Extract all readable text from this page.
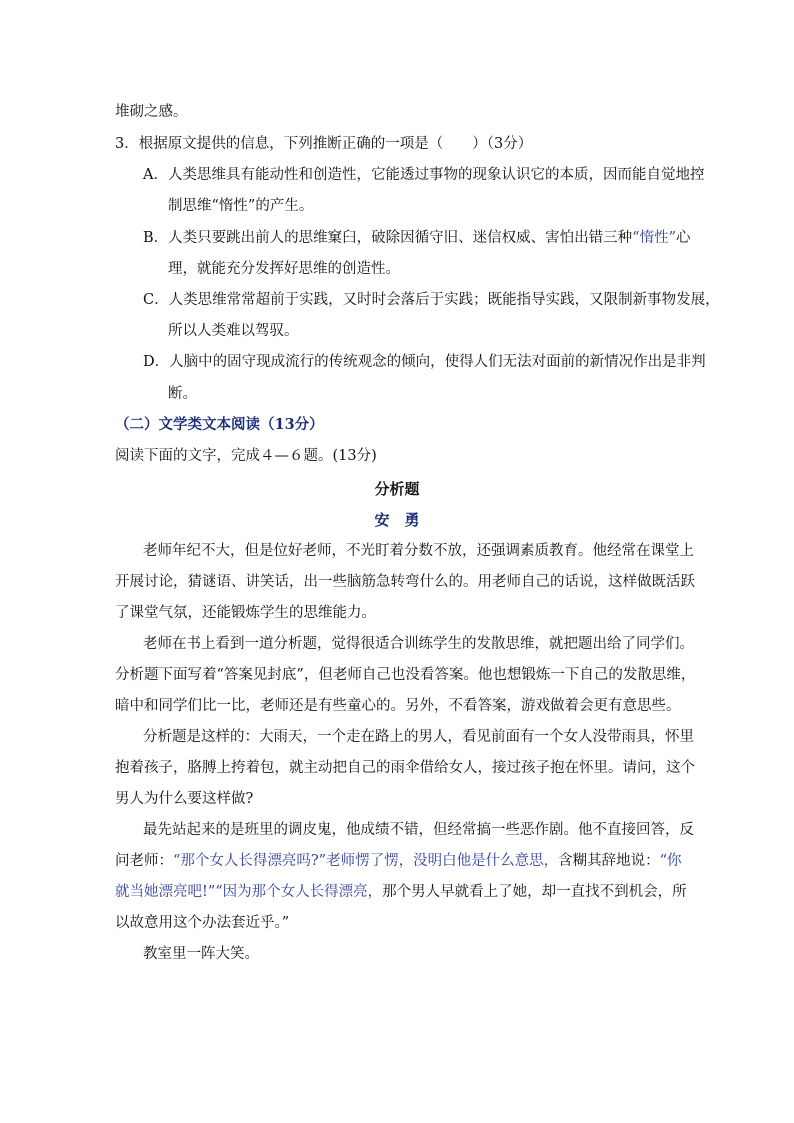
堆砌之感。
3．根据原文提供的信息，下列推断正确的一项是（　　）（3分）
A．人类思维具有能动性和创造性，它能透过事物的现象认识它的本质，因而能自觉地控
制思维“惰性”的产生。
B．人类只要跳出前人的思维窠臼，破除因循守旧、迷信权威、害怕出错三种“惰性”心
理，就能充分发挥好思维的创造性。
C．人类思维常常超前于实践，又时时会落后于实践；既能指导实践，又限制新事物发展，
所以人类难以驾驭。
D．人脑中的固守现成流行的传统观念的倾向，使得人们无法对面前的新情况作出是非判
断。
（二）文学类文本阅读（13分）
阅读下面的文字，完成４—６题。(13分)
分析题
安　勇
老师年纪不大，但是位好老师，不光盯着分数不放，还强调素质教育。他经常在课堂上
开展讨论，猜谜语、讲笑话，出一些脑筋急转弯什么的。用老师自己的话说，这样做既活跃
了课堂气氛，还能锻炼学生的思维能力。
老师在书上看到一道分析题，觉得很适合训练学生的发散思维，就把题出给了同学们。
分析题下面写着“答案见封底”，但老师自己也没看答案。他也想锻炼一下自己的发散思维，
暗中和同学们比一比，老师还是有些童心的。另外，不看答案，游戏做着会更有意思些。
分析题是这样的：大雨天，一个走在路上的男人，看见前面有一个女人没带雨具，怀里
抱着孩子，胳膊上挎着包，就主动把自己的雨伞借给女人，接过孩子抱在怀里。请问，这个
男人为什么要这样做?
最先站起来的是班里的调皮鬼，他成绩不错，但经常搞一些恶作剧。他不直接回答，反
问老师：“那个女人长得漂亮吗?”老师愣了愣，没明白他是什么意思，含糊其辞地说：“你
就当她漂亮吧!”“因为那个女人长得漂亮，那个男人早就看上了她，却一直找不到机会，所
以故意用这个办法套近乎。”
教室里一阵大笑。
